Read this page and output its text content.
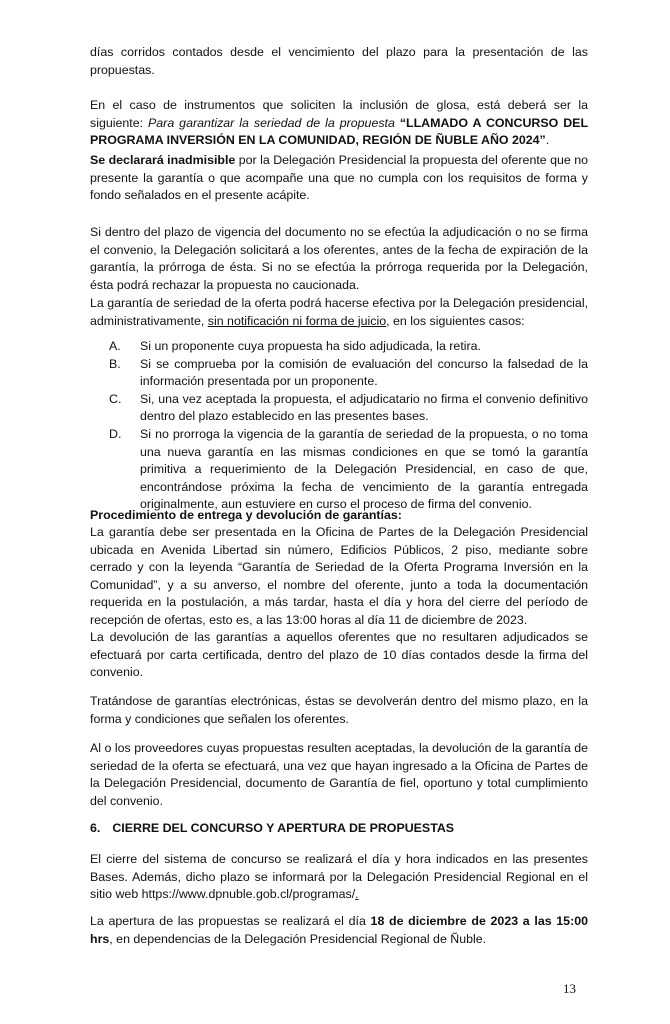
días corridos contados desde el vencimiento del plazo para la presentación de las propuestas.

En el caso de instrumentos que soliciten la inclusión de glosa, está deberá ser la siguiente: Para garantizar la seriedad de la propuesta “LLAMADO A CONCURSO DEL PROGRAMA INVERSIÓN EN LA COMUNIDAD, REGIÓN DE ÑUBLE AÑO 2024”.

Se declarará inadmisible por la Delegación Presidencial la propuesta del oferente que no presente la garantía o que acompañe una que no cumpla con los requisitos de forma y fondo señalados en el presente acápite.

Si dentro del plazo de vigencia del documento no se efectúa la adjudicación o no se firma el convenio, la Delegación solicitará a los oferentes, antes de la fecha de expiración de la garantía, la prórroga de ésta. Si no se efectúa la prórroga requerida por la Delegación, ésta podrá rechazar la propuesta no caucionada.

La garantía de seriedad de la oferta podrá hacerse efectiva por la Delegación presidencial, administrativamente, sin notificación ni forma de juicio, en los siguientes casos:

A. Si un proponente cuya propuesta ha sido adjudicada, la retira.
B. Si se comprueba por la comisión de evaluación del concurso la falsedad de la información presentada por un proponente.
C. Si, una vez aceptada la propuesta, el adjudicatario no firma el convenio definitivo dentro del plazo establecido en las presentes bases.
D. Si no prorroga la vigencia de la garantía de seriedad de la propuesta, o no toma una nueva garantía en las mismas condiciones en que se tomó la garantía primitiva a requerimiento de la Delegación Presidencial, en caso de que, encontrándose próxima la fecha de vencimiento de la garantía entregada originalmente, aun estuviere en curso el proceso de firma del convenio.

Procedimiento de entrega y devolución de garantías:

La garantía debe ser presentada en la Oficina de Partes de la Delegación Presidencial ubicada en Avenida Libertad sin número, Edificios Públicos, 2 piso, mediante sobre cerrado y con la leyenda “Garantía de Seriedad de la Oferta Programa Inversión en la Comunidad”, y a su anverso, el nombre del oferente, junto a toda la documentación requerida en la postulación, a más tardar, hasta el día y hora del cierre del período de recepción de ofertas, esto es, a las 13:00 horas al día 11 de diciembre de 2023.

La devolución de las garantías a aquellos oferentes que no resultaren adjudicados se efectuará por carta certificada, dentro del plazo de 10 días contados desde la firma del convenio.

Tratándose de garantías electrónicas, éstas se devolverán dentro del mismo plazo, en la forma y condiciones que señalen los oferentes.

Al o los proveedores cuyas propuestas resulten aceptadas, la devolución de la garantía de seriedad de la oferta se efectuará, una vez que hayan ingresado a la Oficina de Partes de la Delegación Presidencial, documento de Garantía de fiel, oportuno y total cumplimiento del convenio.

6. CIERRE DEL CONCURSO Y APERTURA DE PROPUESTAS

El cierre del sistema de concurso se realizará el día y hora indicados en las presentes Bases. Además, dicho plazo se informará por la Delegación Presidencial Regional en el sitio web https://www.dpnuble.gob.cl/programas/.

La apertura de las propuestas se realizará el día 18 de diciembre de 2023 a las 15:00 hrs, en dependencias de la Delegación Presidencial Regional de Ñuble.

13
